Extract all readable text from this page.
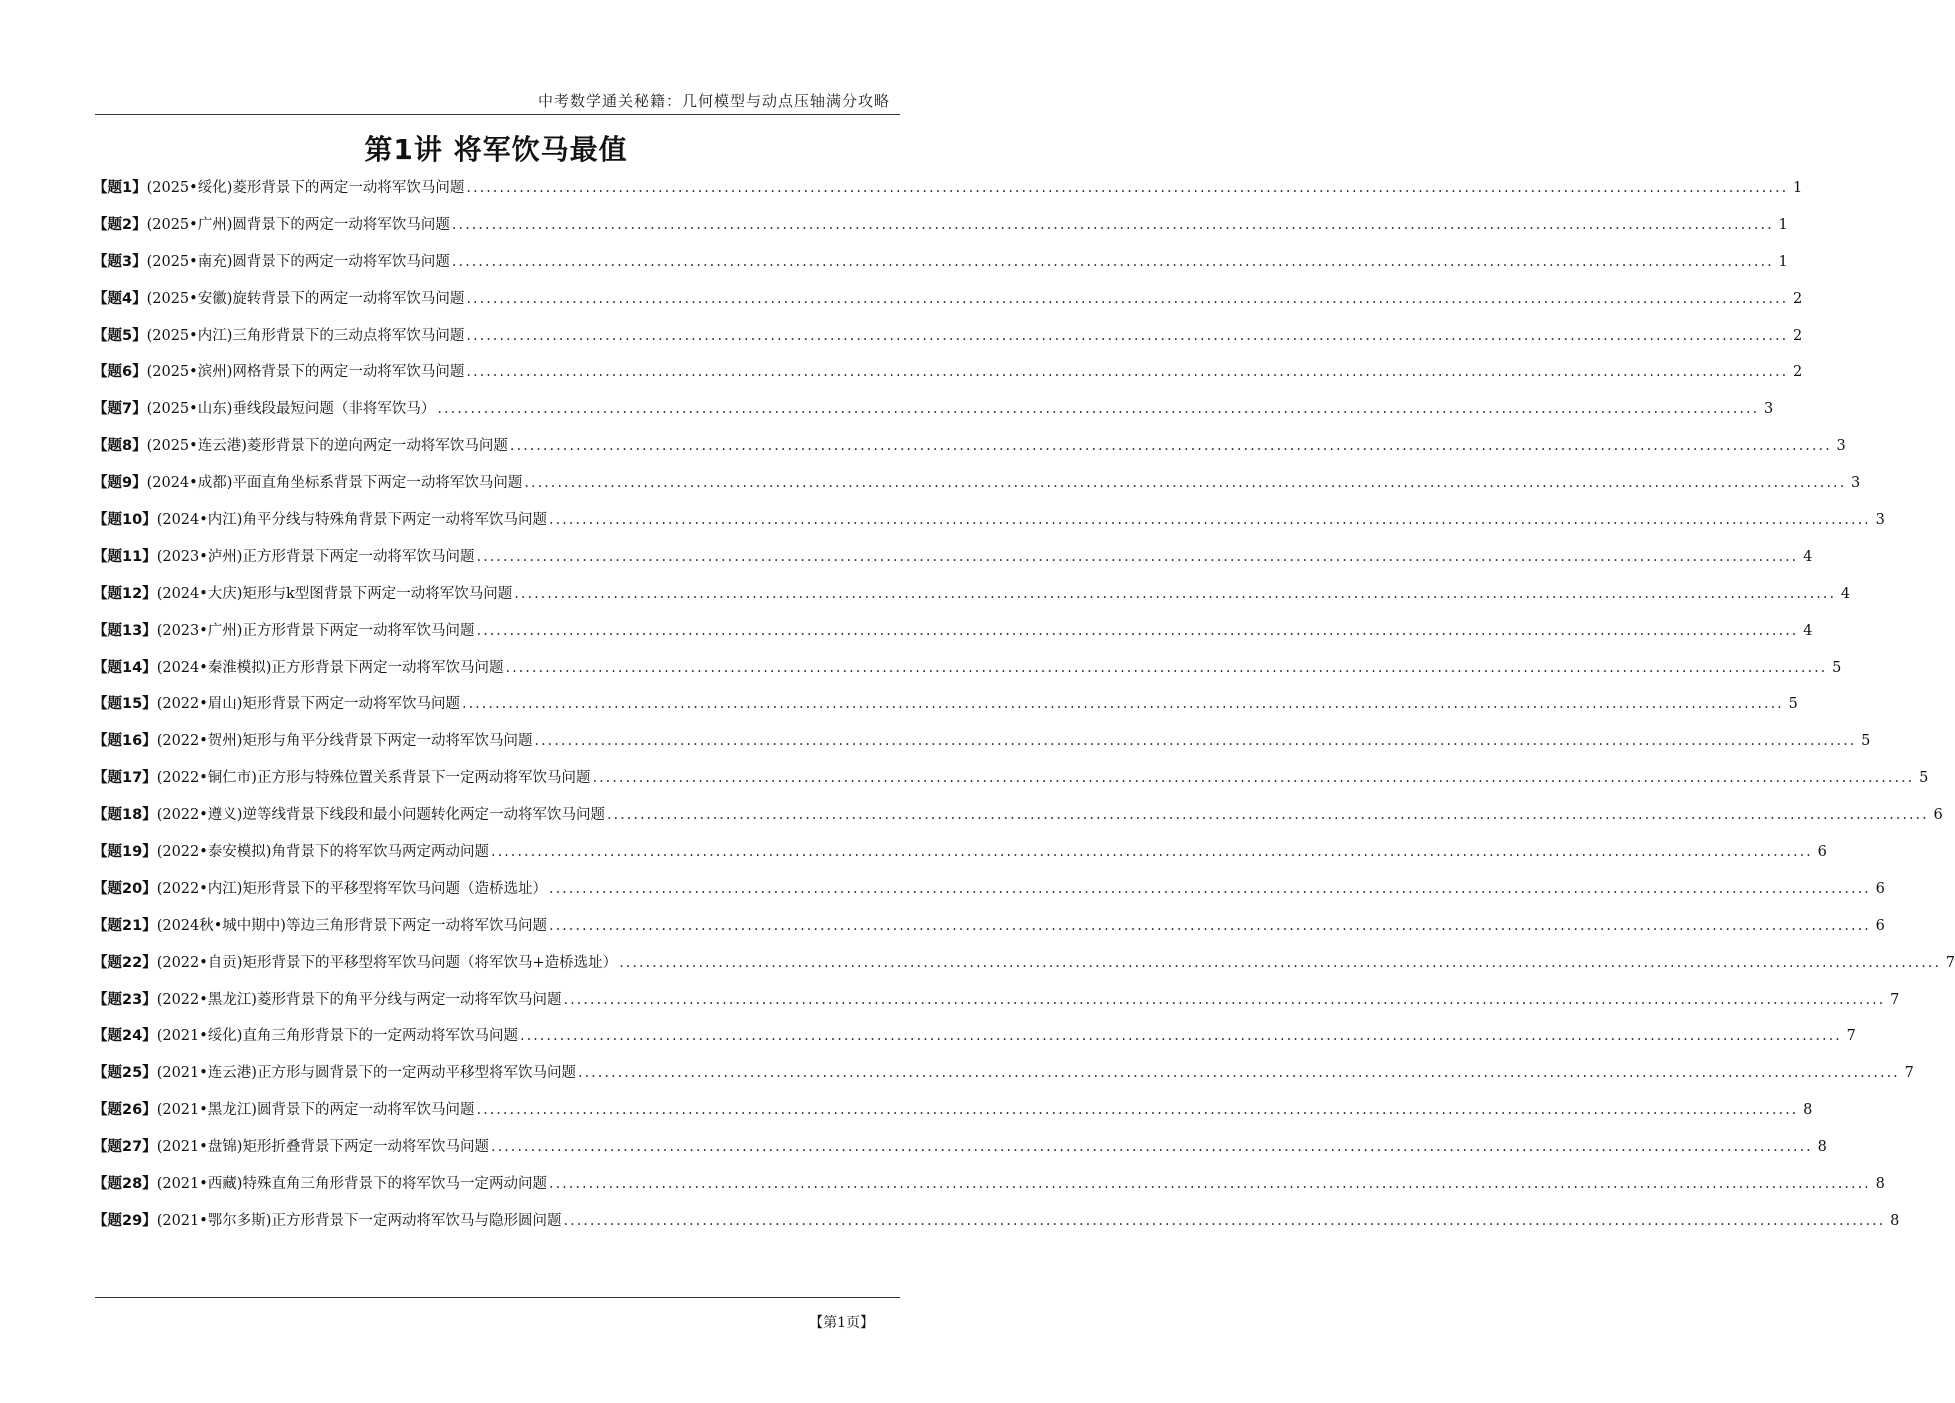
中考数学通关秘籍：几何模型与动点压轴满分攻略
第1讲 将军饮马最值
【题1】(2025•绥化)菱形背景下的两定一动将军饮马问题 ........................................................................................................................................................................................................ 1
【题2】(2025•广州)圆背景下的两定一动将军饮马问题 ........................................................................................................................................................................................................ 1
【题3】(2025•南充)圆背景下的两定一动将军饮马问题 ........................................................................................................................................................................................................ 1
【题4】(2025•安徽)旋转背景下的两定一动将军饮马问题 ........................................................................................................................................................................................................ 2
【题5】(2025•内江)三角形背景下的三动点将军饮马问题 ........................................................................................................................................................................................................ 2
【题6】(2025•滨州)网格背景下的两定一动将军饮马问题 ........................................................................................................................................................................................................ 2
【题7】(2025•山东)垂线段最短问题（非将军饮马） ........................................................................................................................................................................................................ 3
【题8】(2025•连云港)菱形背景下的逆向两定一动将军饮马问题 ........................................................................................................................................................................................................ 3
【题9】(2024•成都)平面直角坐标系背景下两定一动将军饮马问题 ........................................................................................................................................................................................................ 3
【题10】(2024•内江)角平分线与特殊角背景下两定一动将军饮马问题 ........................................................................................................................................................................................................ 3
【题11】(2023•泸州)正方形背景下两定一动将军饮马问题 ........................................................................................................................................................................................................ 4
【题12】(2024•大庆)矩形与k型图背景下两定一动将军饮马问题 ........................................................................................................................................................................................................ 4
【题13】(2023•广州)正方形背景下两定一动将军饮马问题 ........................................................................................................................................................................................................ 4
【题14】(2024•秦淮模拟)正方形背景下两定一动将军饮马问题 ........................................................................................................................................................................................................ 5
【题15】(2022•眉山)矩形背景下两定一动将军饮马问题 ........................................................................................................................................................................................................ 5
【题16】(2022•贺州)矩形与角平分线背景下两定一动将军饮马问题 ........................................................................................................................................................................................................ 5
【题17】(2022•铜仁市)正方形与特殊位置关系背景下一定两动将军饮马问题 ........................................................................................................................................................................................................ 5
【题18】(2022•遵义)逆等线背景下线段和最小问题转化两定一动将军饮马问题 ........................................................................................................................................................................................................ 6
【题19】(2022•泰安模拟)角背景下的将军饮马两定两动问题 ........................................................................................................................................................................................................ 6
【题20】(2022•内江)矩形背景下的平移型将军饮马问题（造桥选址） ........................................................................................................................................................................................................ 6
【题21】(2024秋•城中期中)等边三角形背景下两定一动将军饮马问题 ........................................................................................................................................................................................................ 6
【题22】(2022•自贡)矩形背景下的平移型将军饮马问题（将军饮马+造桥选址） ........................................................................................................................................................................................................ 7
【题23】(2022•黑龙江)菱形背景下的角平分线与两定一动将军饮马问题 ........................................................................................................................................................................................................ 7
【题24】(2021•绥化)直角三角形背景下的一定两动将军饮马问题 ........................................................................................................................................................................................................ 7
【题25】(2021•连云港)正方形与圆背景下的一定两动平移型将军饮马问题 ........................................................................................................................................................................................................ 7
【题26】(2021•黑龙江)圆背景下的两定一动将军饮马问题 ........................................................................................................................................................................................................ 8
【题27】(2021•盘锦)矩形折叠背景下两定一动将军饮马问题 ........................................................................................................................................................................................................ 8
【题28】(2021•西藏)特殊直角三角形背景下的将军饮马一定两动问题 ........................................................................................................................................................................................................ 8
【题29】(2021•鄂尔多斯)正方形背景下一定两动将军饮马与隐形圆问题 ........................................................................................................................................................................................................ 8
【第1页】
